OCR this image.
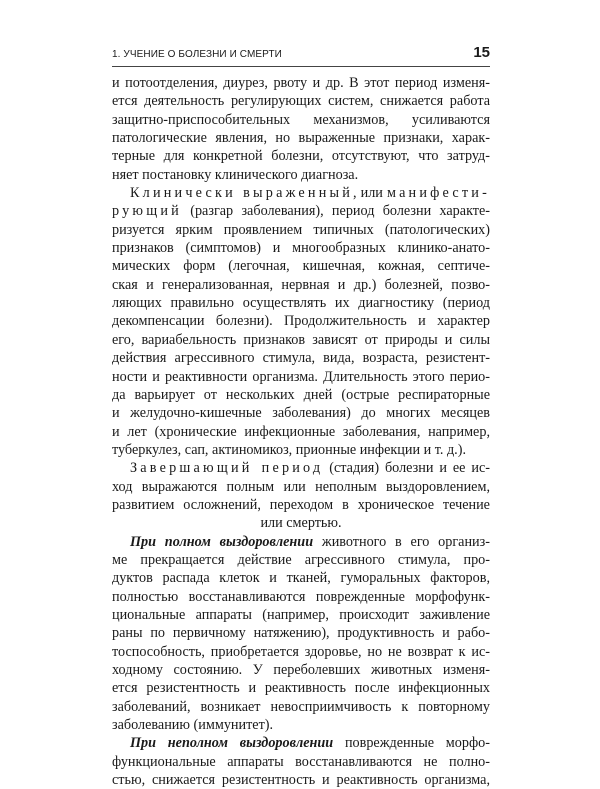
1. УЧЕНИЕ О БОЛЕЗНИ И СМЕРТИ	15
и потоотделения, диурез, рвоту и др. В этот период изменя-
ется деятельность регулирующих систем, снижается работа
защитно-приспособительных механизмов, усиливаются
патологические явления, но выраженные признаки, харак-
терные для конкретной болезни, отсутствуют, что затруд-
няет постановку клинического диагноза.
Клинически выраженный, или манифести-
рующий (разгар заболевания), период болезни характе-
ризуется ярким проявлением типичных (патологических)
признаков (симптомов) и многообразных клинико-анато-
мических форм (легочная, кишечная, кожная, септиче-
ская и генерализованная, нервная и др.) болезней, позво-
ляющих правильно осуществлять их диагностику (период
декомпенсации болезни). Продолжительность и характер
его, вариабельность признаков зависят от природы и силы
действия агрессивного стимула, вида, возраста, резистент-
ности и реактивности организма. Длительность этого перио-
да варьирует от нескольких дней (острые респираторные
и желудочно-кишечные заболевания) до многих месяцев
и лет (хронические инфекционные заболевания, например,
туберкулез, сап, актиномикоз, прионные инфекции и т. д.).
Завершающий период (стадия) болезни и ее ис-
ход выражаются полным или неполным выздоровлением,
развитием осложнений, переходом в хроническое течение
или смертью.
При полном выздоровлении животного в его организ-
ме прекращается действие агрессивного стимула, про-
дуктов распада клеток и тканей, гуморальных факторов,
полностью восстанавливаются поврежденные морфофунк-
циональные аппараты (например, происходит заживление
раны по первичному натяжению), продуктивность и рабо-
тоспособность, приобретается здоровье, но не возврат к ис-
ходному состоянию. У переболевших животных изменя-
ется резистентность и реактивность после инфекционных
заболеваний, возникает невосприимчивость к повторному
заболеванию (иммунитет).
При неполном выздоровлении поврежденные морфо-
функциональные аппараты восстанавливаются не полно-
стью, снижается резистентность и реактивность организма,
